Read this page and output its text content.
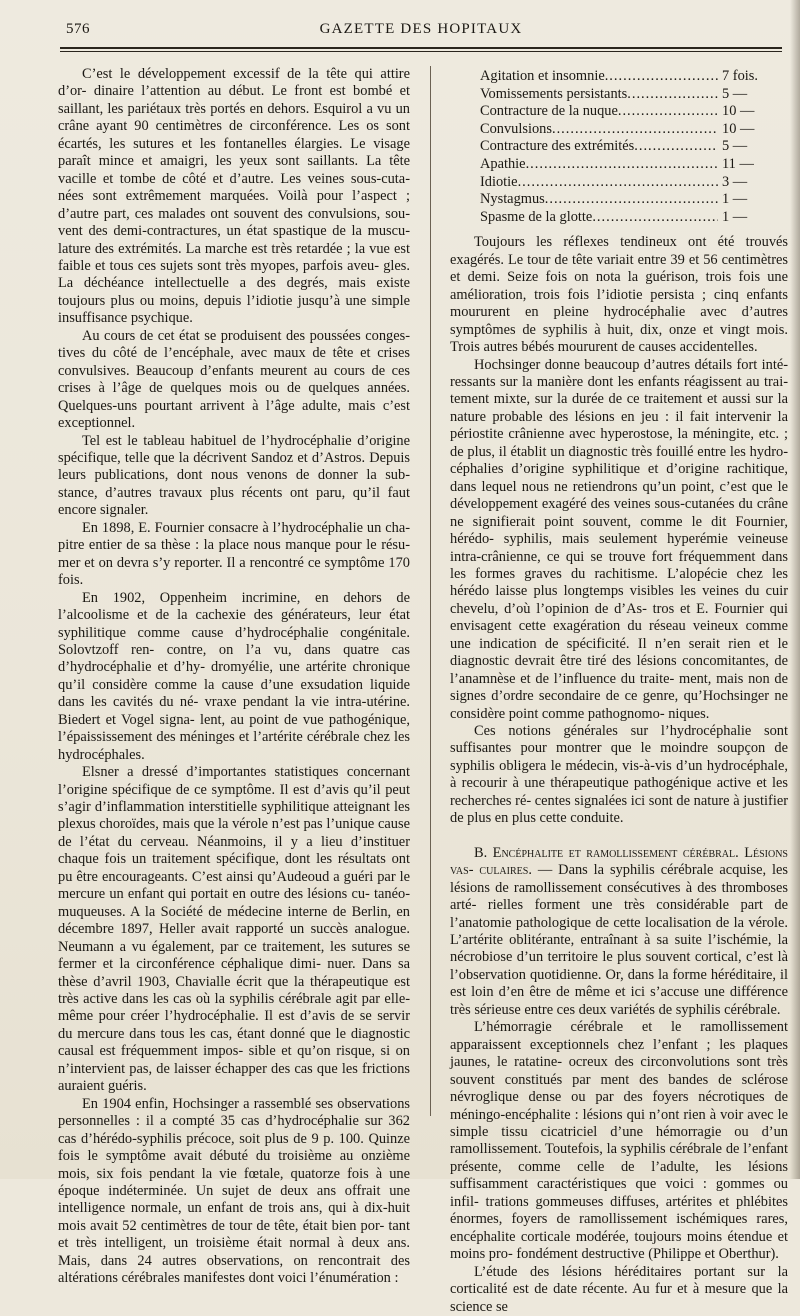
576	GAZETTE DES HOPITAUX

C’est le développement excessif de la tête qui attire d’or- dinaire l’attention au début. Le front est bombé et saillant, les pariétaux très portés en dehors. Esquirol a vu un crâne ayant 90 centimètres de circonférence. Les os sont écartés, les sutures et les fontanelles élargies. Le visage paraît mince et amaigri, les yeux sont saillants. La tête vacille et tombe de côté et d’autre. Les veines sous-cuta- nées sont extrêmement marquées. Voilà pour l’aspect ; d’autre part, ces malades ont souvent des convulsions, sou- vent des demi-contractures, un état spastique de la muscu- lature des extrémités. La marche est très retardée ; la vue est faible et tous ces sujets sont très myopes, parfois aveu- gles. La déchéance intellectuelle a des degrés, mais existe toujours plus ou moins, depuis l’idiotie jusqu’à une simple insuffisance psychique.

Au cours de cet état se produisent des poussées conges- tives du côté de l’encéphale, avec maux de tête et crises convulsives. Beaucoup d’enfants meurent au cours de ces crises à l’âge de quelques mois ou de quelques années. Quelques-uns pourtant arrivent à l’âge adulte, mais c’est exceptionnel.

Tel est le tableau habituel de l’hydrocéphalie d’origine spécifique, telle que la décrivent Sandoz et d’Astros. Depuis leurs publications, dont nous venons de donner la sub- stance, d’autres travaux plus récents ont paru, qu’il faut encore signaler.

En 1898, E. Fournier consacre à l’hydrocéphalie un cha- pitre entier de sa thèse : la place nous manque pour le résu- mer et on devra s’y reporter. Il a rencontré ce symptôme 170 fois.

En 1902, Oppenheim incrimine, en dehors de l’alcoolisme et de la cachexie des générateurs, leur état syphilitique comme cause d’hydrocéphalie congénitale. Solovtzoff ren- contre, on l’a vu, dans quatre cas d’hydrocéphalie et d’hy- dromyélie, une artérite chronique qu’il considère comme la cause d’une exsudation liquide dans les cavités du né- vraxe pendant la vie intra-utérine. Biedert et Vogel signa- lent, au point de vue pathogénique, l’épaississement des méninges et l’artérite cérébrale chez les hydrocéphales.

Elsner a dressé d’importantes statistiques concernant l’origine spécifique de ce symptôme. Il est d’avis qu’il peut s’agir d’inflammation interstitielle syphilitique atteignant les plexus choroïdes, mais que la vérole n’est pas l’unique cause de l’état du cerveau. Néanmoins, il y a lieu d’instituer chaque fois un traitement spécifique, dont les résultats ont pu être encourageants. C’est ainsi qu’Audeoud a guéri par le mercure un enfant qui portait en outre des lésions cu- tanéo-muqueuses. A la Société de médecine interne de Berlin, en décembre 1897, Heller avait rapporté un succès analogue. Neumann a vu également, par ce traitement, les sutures se fermer et la circonférence céphalique dimi- nuer. Dans sa thèse d’avril 1903, Chavialle écrit que la thérapeutique est très active dans les cas où la syphilis cérébrale agit par elle-même pour créer l’hydrocéphalie. Il est d’avis de se servir du mercure dans tous les cas, étant donné que le diagnostic causal est fréquemment impos- sible et qu’on risque, si on n’intervient pas, de laisser échapper des cas que les frictions auraient guéris.

En 1904 enfin, Hochsinger a rassemblé ses observations personnelles : il a compté 35 cas d’hydrocéphalie sur 362 cas d’hérédo-syphilis précoce, soit plus de 9 p. 100. Quinze fois le symptôme avait débuté du troisième au onzième mois, six fois pendant la vie fœtale, quatorze fois à une époque indéterminée. Un sujet de deux ans offrait une intelligence normale, un enfant de trois ans, qui à dix-huit mois avait 52 centimètres de tour de tête, était bien por- tant et très intelligent, un troisième était normal à deux ans. Mais, dans 24 autres observations, on rencontrait des altérations cérébrales manifestes dont voici l’énumération :

Agitation et insomnie .....	7 fois.
Vomissements persistants .....	5 —
Contracture de la nuque .....	10 —
Convulsions .....	10 —
Contracture des extrémités .....	5 —
Apathie .....	11 —
Idiotie .....	3 —
Nystagmus .....	1 —
Spasme de la glotte .....	1 —

Toujours les réflexes tendineux ont été trouvés exagérés. Le tour de tête variait entre 39 et 56 centimètres et demi. Seize fois on nota la guérison, trois fois une amélioration, trois fois l’idiotie persista ; cinq enfants moururent en pleine hydrocéphalie avec d’autres symptômes de syphilis à huit, dix, onze et vingt mois. Trois autres bébés moururent de causes accidentelles.

Hochsinger donne beaucoup d’autres détails fort inté- ressants sur la manière dont les enfants réagissent au trai- tement mixte, sur la durée de ce traitement et aussi sur la nature probable des lésions en jeu : il fait intervenir la périostite crânienne avec hyperostose, la méningite, etc. ; de plus, il établit un diagnostic très fouillé entre les hydro- céphalies d’origine syphilitique et d’origine rachitique, dans lequel nous ne retiendrons qu’un point, c’est que le développement exagéré des veines sous-cutanées du crâne ne signifierait point souvent, comme le dit Fournier, hérédo- syphilis, mais seulement hyperémie veineuse intra-crânienne, ce qui se trouve fort fréquemment dans les formes graves du rachitisme. L’alopécie chez les hérédo laisse plus longtemps visibles les veines du cuir chevelu, d’où l’opinion de d’As- tros et E. Fournier qui envisagent cette exagération du réseau veineux comme une indication de spécificité. Il n’en serait rien et le diagnostic devrait être tiré des lésions concomitantes, de l’anamnèse et de l’influence du traite- ment, mais non de signes d’ordre secondaire de ce genre, qu’Hochsinger ne considère point comme pathognomo- niques.

Ces notions générales sur l’hydrocéphalie sont suffisantes pour montrer que le moindre soupçon de syphilis obligera le médecin, vis-à-vis d’un hydrocéphale, à recourir à une thérapeutique pathogénique active et les recherches ré- centes signalées ici sont de nature à justifier de plus en plus cette conduite.

B. Encéphalite et ramollissement cérébral. Lésions vas- culaires. — Dans la syphilis cérébrale acquise, les lésions de ramollissement consécutives à des thromboses arté- rielles forment une très considérable part de l’anatomie pathologique de cette localisation de la vérole. L’artérite oblitérante, entraînant à sa suite l’ischémie, la nécrobiose d’un territoire le plus souvent cortical, c’est là l’observation quotidienne. Or, dans la forme héréditaire, il est loin d’en être de même et ici s’accuse une différence très sérieuse entre ces deux variétés de syphilis cérébrale.

L’hémorragie cérébrale et le ramollissement apparaissent exceptionnels chez l’enfant ; les plaques jaunes, le ratatine- ocreux des circonvolutions sont très souvent constitués par ment des bandes de sclérose névroglique dense ou par des foyers nécrotiques de méningo-encéphalite : lésions qui n’ont rien à voir avec le simple tissu cicatriciel d’une hémorragie ou d’un ramollissement. Toutefois, la syphilis cérébrale de l’enfant présente, comme celle de l’adulte, les lésions suffisamment caractéristiques que voici : gommes ou infil- trations gommeuses diffuses, artérites et phlébites énormes, foyers de ramollissement ischémiques rares, encéphalite corticale modérée, toujours moins étendue et moins pro- fondément destructive (Philippe et Oberthur).

L’étude des lésions héréditaires portant sur la corticalité est de date récente. Au fur et à mesure que la science se
